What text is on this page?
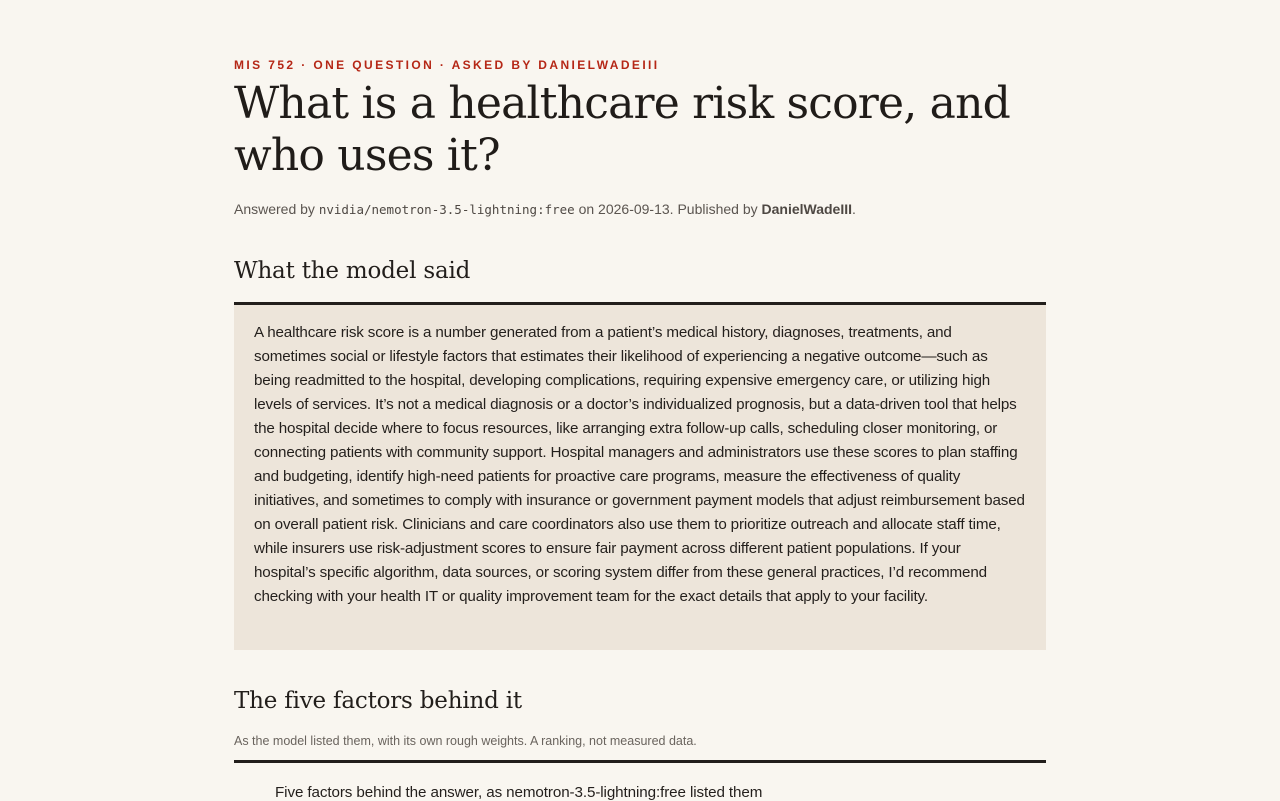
MIS 752 · ONE QUESTION · ASKED BY DANIELWADEIII
What is a healthcare risk score, and who uses it?
Answered by nvidia/nemotron-3.5-lightning:free on 2026-09-13. Published by DanielWadeIII.
What the model said

A healthcare risk score is a number generated from a patient’s medical history, diagnoses, treatments, and sometimes social or lifestyle factors that estimates their likelihood of experiencing a negative outcome—such as being readmitted to the hospital, developing complications, requiring expensive emergency care, or utilizing high levels of services. It’s not a medical diagnosis or a doctor’s individualized prognosis, but a data-driven tool that helps the hospital decide where to focus resources, like arranging extra follow-up calls, scheduling closer monitoring, or connecting patients with community support. Hospital managers and administrators use these scores to plan staffing and budgeting, identify high-need patients for proactive care programs, measure the effectiveness of quality initiatives, and sometimes to comply with insurance or government payment models that adjust reimbursement based on overall patient risk. Clinicians and care coordinators also use them to prioritize outreach and allocate staff time, while insurers use risk-adjustment scores to ensure fair payment across different patient populations. If your hospital’s specific algorithm, data sources, or scoring system differ from these general practices, I’d recommend checking with your health IT or quality improvement team for the exact details that apply to your facility.

The five factors behind it
As the model listed them, with its own rough weights. A ranking, not measured data.
Five factors behind the answer, as nemotron-3.5-lightning:free listed them
